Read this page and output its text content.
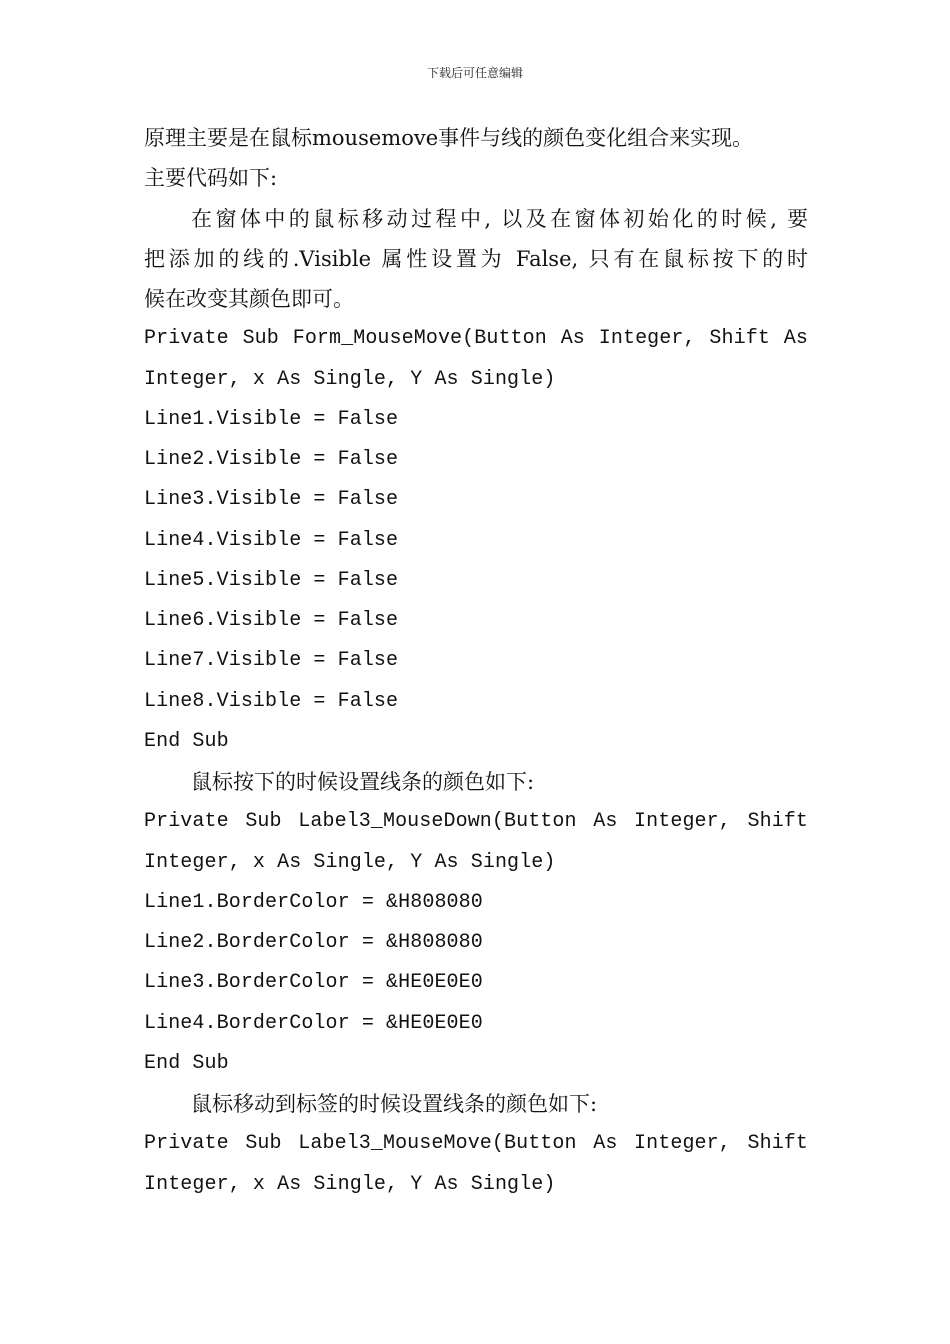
下载后可任意编辑
原理主要是在鼠标mousemove事件与线的颜色变化组合来实现。
主要代码如下:
在窗体中的鼠标移动过程中, 以及在窗体初始化的时候, 要
把添加的线的.Visible 属性设置为 False, 只有在鼠标按下的时
候在改变其颜色即可。
Private Sub Form_MouseMove(Button As Integer, Shift As
Integer, x As Single, Y As Single)
Line1.Visible = False
Line2.Visible = False
Line3.Visible = False
Line4.Visible = False
Line5.Visible = False
Line6.Visible = False
Line7.Visible = False
Line8.Visible = False
End Sub
鼠标按下的时候设置线条的颜色如下:
Private Sub Label3_MouseDown(Button As Integer, Shift
Integer, x As Single, Y As Single)
Line1.BorderColor = &H808080
Line2.BorderColor = &H808080
Line3.BorderColor = &HE0E0E0
Line4.BorderColor = &HE0E0E0
End Sub
鼠标移动到标签的时候设置线条的颜色如下:
Private Sub Label3_MouseMove(Button As Integer, Shift
Integer, x As Single, Y As Single)
